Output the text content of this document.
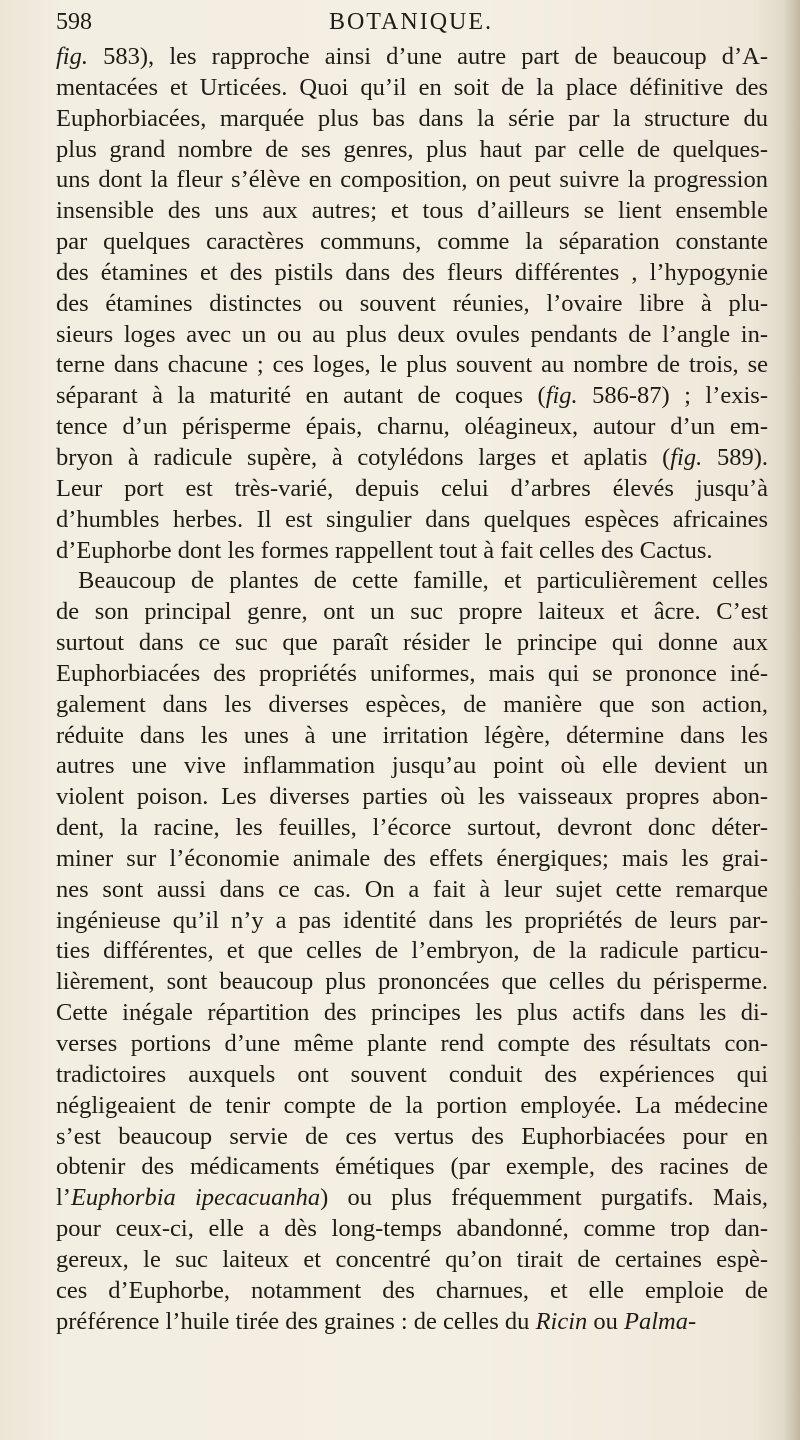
598	BOTANIQUE.
fig. 583), les rapproche ainsi d’une autre part de beaucoup d’A-
mentacées et Urticées. Quoi qu’il en soit de la place définitive des
Euphorbiacées, marquée plus bas dans la série par la structure du
plus grand nombre de ses genres, plus haut par celle de quelques-
uns dont la fleur s’élève en composition, on peut suivre la progression
insensible des uns aux autres; et tous d’ailleurs se lient ensemble
par quelques caractères communs, comme la séparation constante
des étamines et des pistils dans des fleurs différentes , l’hypogynie
des étamines distinctes ou souvent réunies, l’ovaire libre à plu-
sieurs loges avec un ou au plus deux ovules pendants de l’angle in-
terne dans chacune ; ces loges, le plus souvent au nombre de trois, se
séparant à la maturité en autant de coques (fig. 586-87) ; l’exis-
tence d’un périsperme épais, charnu, oléagineux, autour d’un em-
bryon à radicule supère, à cotylédons larges et aplatis (fig. 589).
Leur port est très-varié, depuis celui d’arbres élevés jusqu’à
d’humbles herbes. Il est singulier dans quelques espèces africaines
d’Euphorbe dont les formes rappellent tout à fait celles des Cactus.
Beaucoup de plantes de cette famille, et particulièrement celles
de son principal genre, ont un suc propre laiteux et âcre. C’est
surtout dans ce suc que paraît résider le principe qui donne aux
Euphorbiacées des propriétés uniformes, mais qui se prononce iné-
galement dans les diverses espèces, de manière que son action,
réduite dans les unes à une irritation légère, détermine dans les
autres une vive inflammation jusqu’au point où elle devient un
violent poison. Les diverses parties où les vaisseaux propres abon-
dent, la racine, les feuilles, l’écorce surtout, devront donc déter-
miner sur l’économie animale des effets énergiques; mais les grai-
nes sont aussi dans ce cas. On a fait à leur sujet cette remarque
ingénieuse qu’il n’y a pas identité dans les propriétés de leurs par-
ties différentes, et que celles de l’embryon, de la radicule particu-
lièrement, sont beaucoup plus prononcées que celles du périsperme.
Cette inégale répartition des principes les plus actifs dans les di-
verses portions d’une même plante rend compte des résultats con-
tradictoires auxquels ont souvent conduit des expériences qui
négligeaient de tenir compte de la portion employée. La médecine
s’est beaucoup servie de ces vertus des Euphorbiacées pour en
obtenir des médicaments émétiques (par exemple, des racines de
l’Euphorbia ipecacuanha) ou plus fréquemment purgatifs. Mais,
pour ceux-ci, elle a dès long-temps abandonné, comme trop dan-
gereux, le suc laiteux et concentré qu’on tirait de certaines espè-
ces d’Euphorbe, notamment des charnues, et elle emploie de
préférence l’huile tirée des graines : de celles du Ricin ou Palma-
